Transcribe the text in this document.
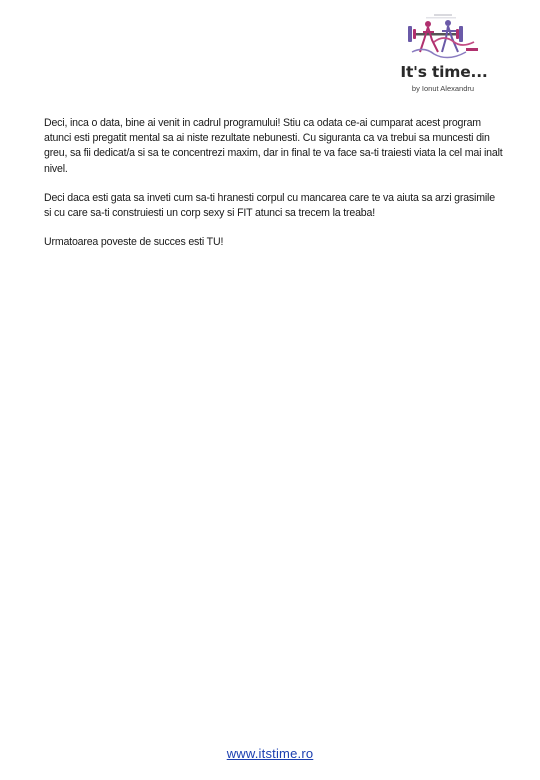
It's time...
by Ionut Alexandru

Deci, inca o data, bine ai venit in cadrul programului! Stiu ca odata ce-ai cumparat acest program atunci esti pregatit mental sa ai niste rezultate nebunesti. Cu siguranta ca va trebui sa muncesti din greu, sa fii dedicat/a si sa te concentrezi maxim, dar in final te va face sa-ti traiesti viata la cel mai inalt nivel.

Deci daca esti gata sa inveti cum sa-ti hranesti corpul cu mancarea care te va aiuta sa arzi grasimile si cu care sa-ti construiesti un corp sexy si FIT atunci sa trecem la treaba!

Urmatoarea poveste de succes esti TU!

www.itstime.ro
